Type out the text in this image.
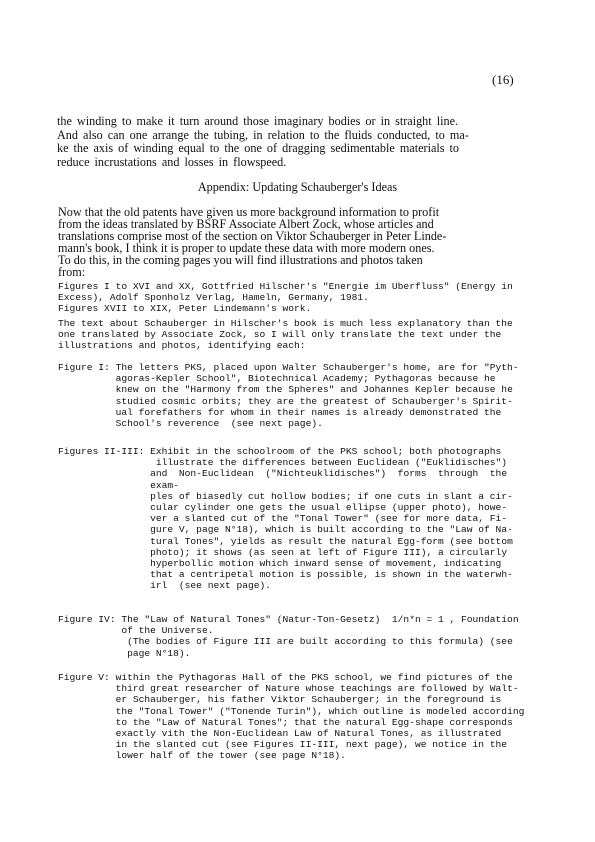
(16)
the winding to make it turn around those imaginary bodies or in straight line.
And also can one arrange the tubing, in relation to the fluids conducted, to ma-
ke the axis of winding equal to the one of dragging sedimentable materials to
reduce incrustations and losses in flowspeed.
Appendix: Updating Schauberger's Ideas
Now that the old patents have given us more background information to profit
from the ideas translated by BSRF Associate Albert Zock, whose articles and
translations comprise most of the section on Viktor Schauberger in Peter Linde-
mann's book, I think it is proper to update these data with more modern ones.
To do this, in the coming pages you will find illustrations and photos taken
from:
Figures I to XVI and XX, Gottfried Hilscher's "Energie im Uberfluss" (Energy in
Excess), Adolf Sponholz Verlag, Hameln, Germany, 1981.
Figures XVII to XIX, Peter Lindemann's work.
The text about Schauberger in Hilscher's book is much less explanatory than the
one translated by Associate Zock, so I will only translate the text under the
illustrations and photos, identifying each:
Figure I: The letters PKS, placed upon Walter Schauberger's home, are for "Pyth-
agoras-Kepler School", Biotechnical Academy; Pythagoras because he
knew on the "Harmony from the Spheres" and Johannes Kepler because he
studied cosmic orbits; they are the greatest of Schauberger's Spirit-
ual forefathers for whom in their names is already demonstrated the
School's reverence  (see next page).
Figures II-III: Exhibit in the schoolroom of the PKS school; both photographs
illustrate the differences between Euclidean ("Euklidisches")
and  Non-Euclidean  ("Nichteuklidisches")  forms  through  the
exam-
ples of biasedly cut hollow bodies; if one cuts in slant a cir-
cular cylinder one gets the usual ellipse (upper photo), howe-
ver a slanted cut of the "Tonal Tower" (see for more data, Fi-
gure V, page N°18), which is built according to the "Law of Na-
tural Tones", yields as result the natural Egg-form (see bottom
photo); it shows (as seen at left of Figure III), a circularly
hyperbollic motion which inward sense of movement, indicating
that a centripetal motion is possible, is shown in the waterwh-
irl  (see next page).
Figure IV: The "Law of Natural Tones" (Natur-Ton-Gesetz)  1/n*n = 1 , Foundation
of the Universe.
(The bodies of Figure III are built according to this formula) (see
page N°18).
Figure V: within the Pythagoras Hall of the PKS school, we find pictures of the
third great researcher of Nature whose teachings are followed by Walt-
er Schauberger, his father Viktor Schauberger; in the foreground is
the "Tonal Tower" ("Tonende Turin"), which outline is modeled according
to the "Law of Natural Tones"; that the natural Egg-shape corresponds
exactly vith the Non-Euclidean Law of Natural Tones, as illustrated
in the slanted cut (see Figures II-III, next page), we notice in the
lower half of the tower (see page N°18).
